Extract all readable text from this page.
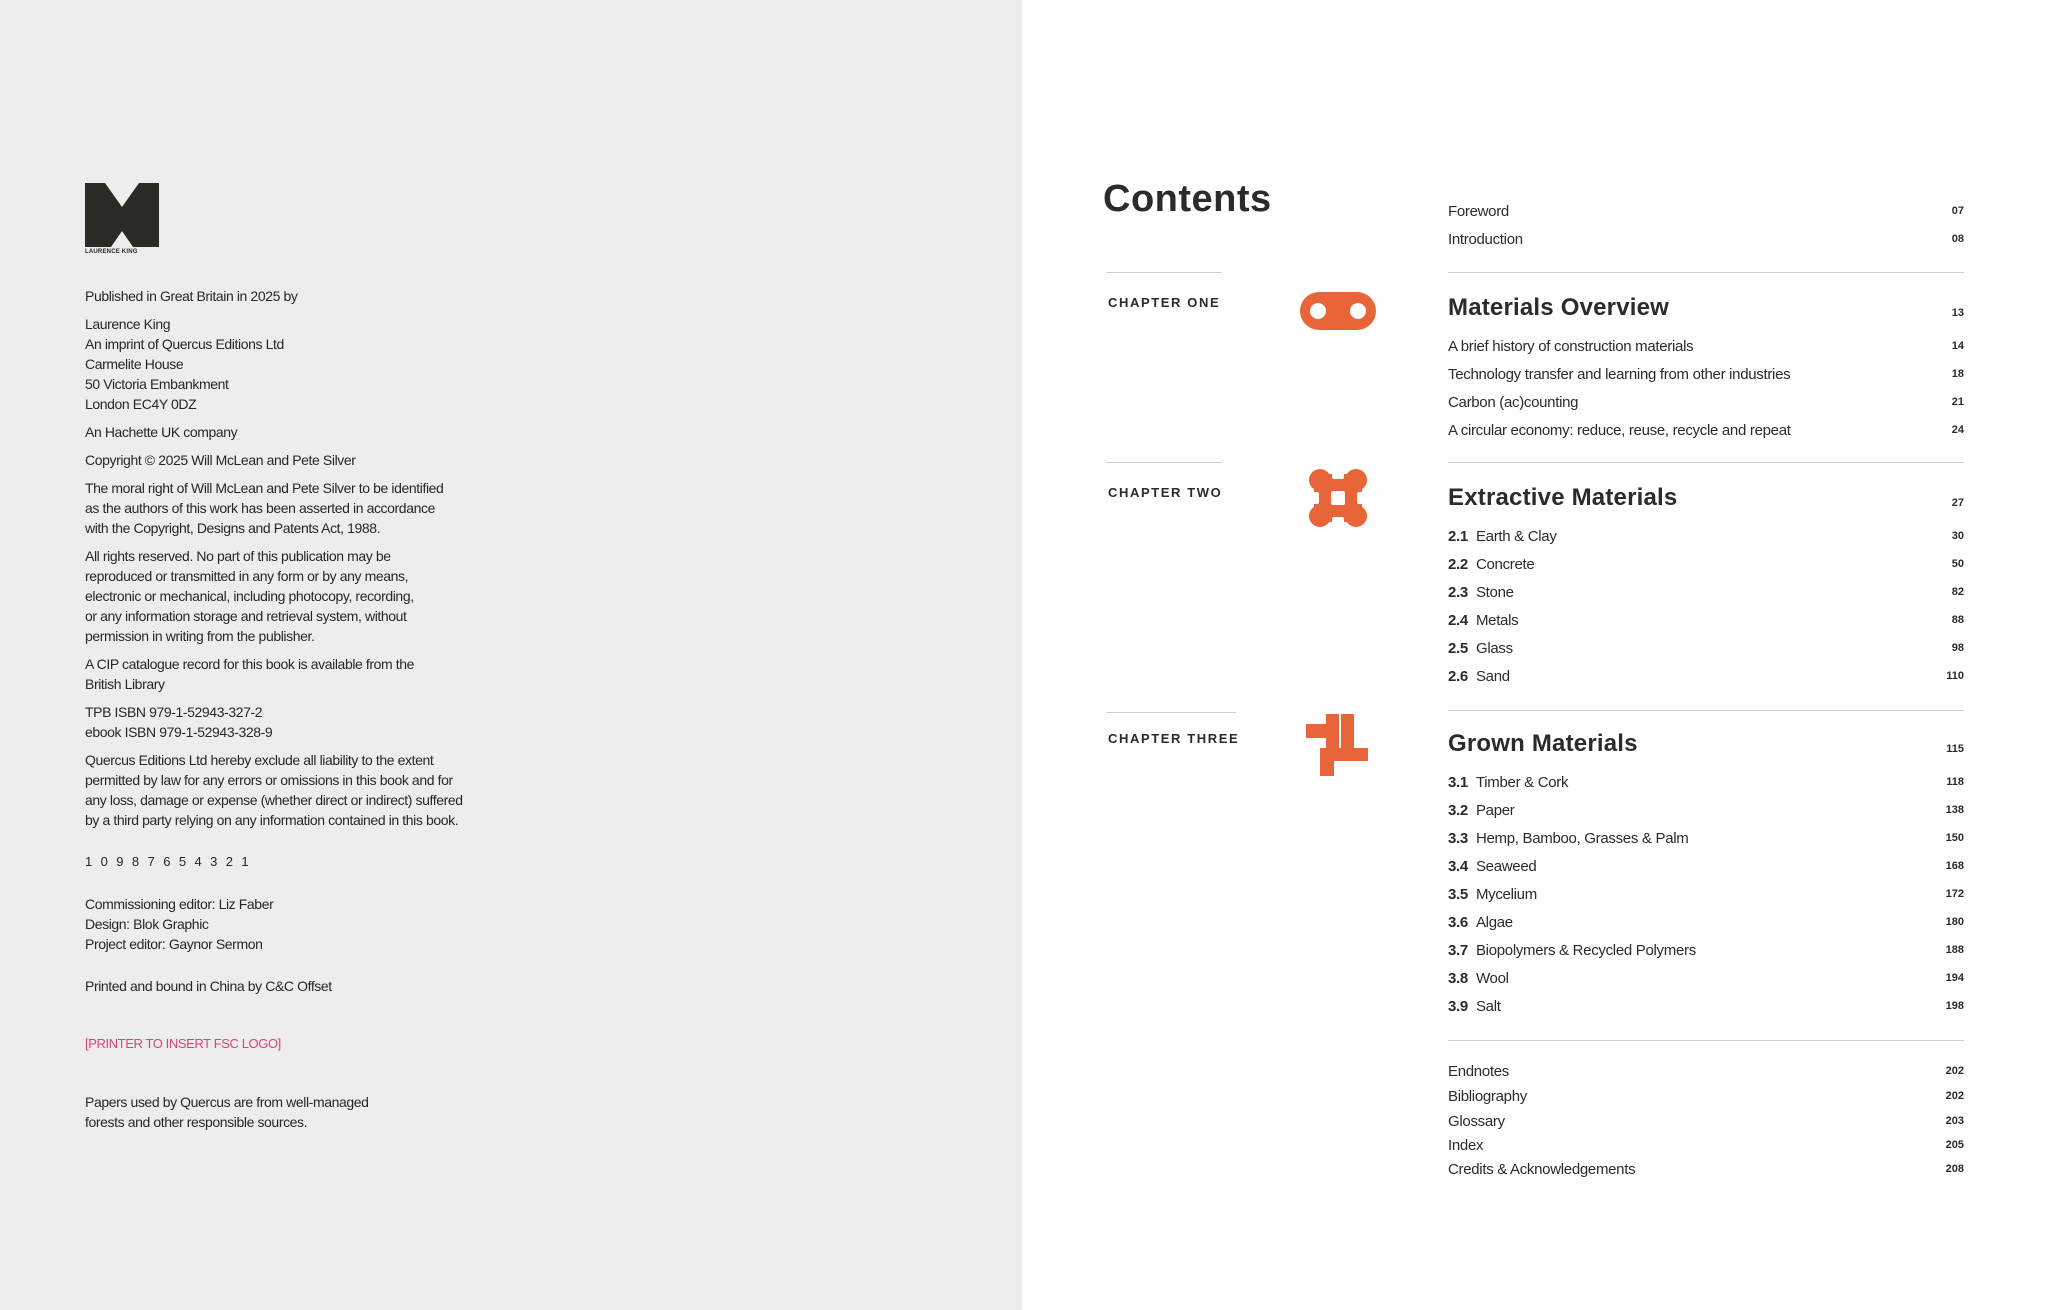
LAURENCE KING

Published in Great Britain in 2025 by

Laurence King

An imprint of Quercus Editions Ltd

Carmelite House

50 Victoria Embankment

London EC4Y 0DZ

An Hachette UK company

Copyright © 2025 Will McLean and Pete Silver

The moral right of Will McLean and Pete Silver to be identified

as the authors of this work has been asserted in accordance

with the Copyright, Designs and Patents Act, 1988.

All rights reserved. No part of this publication may be

reproduced or transmitted in any form or by any means,

electronic or mechanical, including photocopy, recording,

or any information storage and retrieval system, without

permission in writing from the publisher.

A CIP catalogue record for this book is available from the

British Library

TPB ISBN 979-1-52943-327-2

ebook ISBN 979-1-52943-328-9

Quercus Editions Ltd hereby exclude all liability to the extent

permitted by law for any errors or omissions in this book and for

any loss, damage or expense (whether direct or indirect) suffered

by a third party relying on any information contained in this book.

1 0 9 8 7 6 5 4 3 2 1

Commissioning editor: Liz Faber

Design: Blok Graphic

Project editor: Gaynor Sermon

Printed and bound in China by C&C Offset

[PRINTER TO INSERT FSC LOGO]

Papers used by Quercus are from well-managed

forests and other responsible sources.

Contents	Foreword	07
Introduction	08
CHAPTER ONE	Materials Overview	13
A brief history of construction materials	14
Technology transfer and learning from other industries	18
Carbon (ac)counting	21
A circular economy: reduce, reuse, recycle and repeat	24
CHAPTER TWO	Extractive Materials	27
2.1 Earth & Clay	30
2.2 Concrete	50
2.3 Stone	82
2.4 Metals	88
2.5 Glass	98
2.6 Sand	110
CHAPTER THREE	Grown Materials	115
3.1 Timber & Cork	118
3.2 Paper	138
3.3 Hemp, Bamboo, Grasses & Palm	150
3.4 Seaweed	168
3.5 Mycelium	172
3.6 Algae	180
3.7 Biopolymers & Recycled Polymers	188
3.8 Wool	194
3.9 Salt	198
Endnotes	202
Bibliography	202
Glossary	203
Index	205
Credits & Acknowledgements	208
